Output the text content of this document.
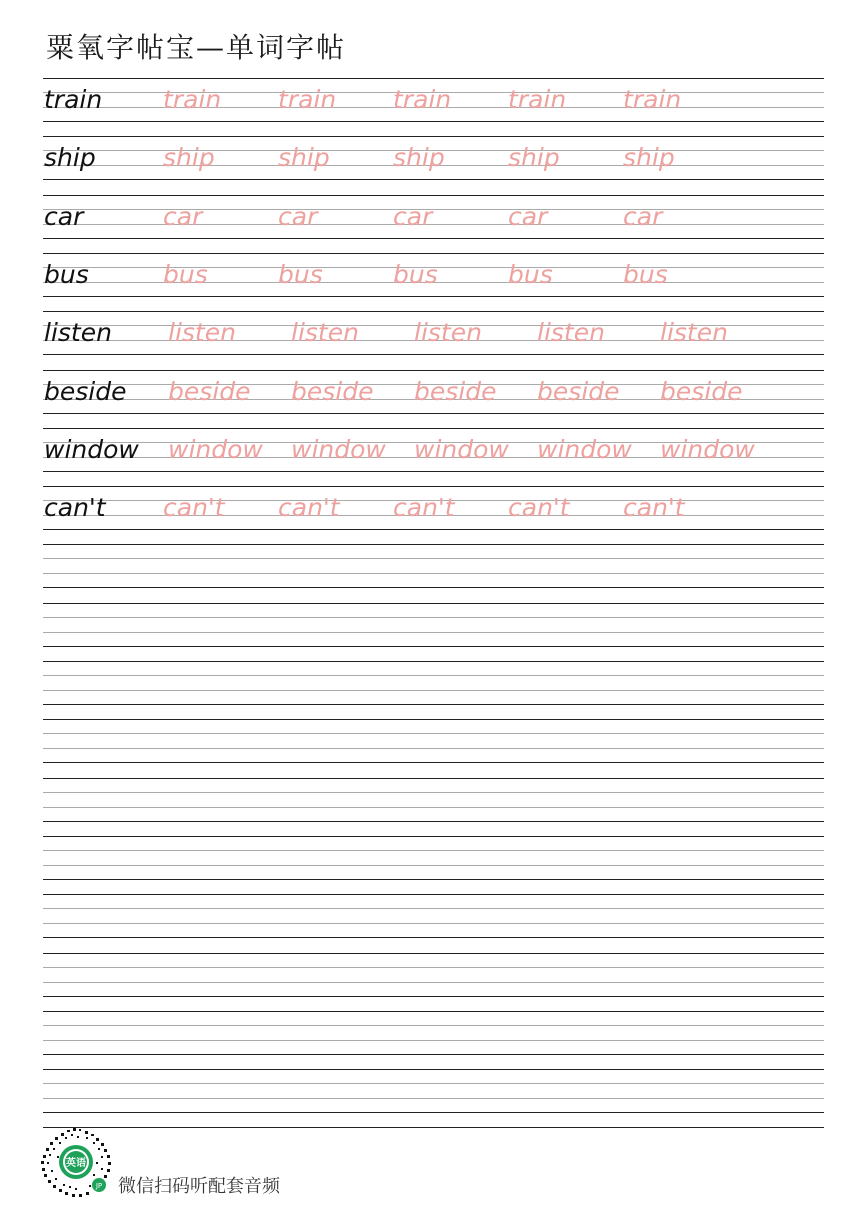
粟氧字帖宝—单词字帖
train train train train train train
ship	ship	ship	ship	ship	ship
car	car	car	car	car	car
bus	bus	bus	bus	bus	bus
listen listen listen listen listen listen
beside beside beside beside beside beside
window window window window window window
can't can't can't can't can't can't
英语
JP 微信扫码听配套音频
